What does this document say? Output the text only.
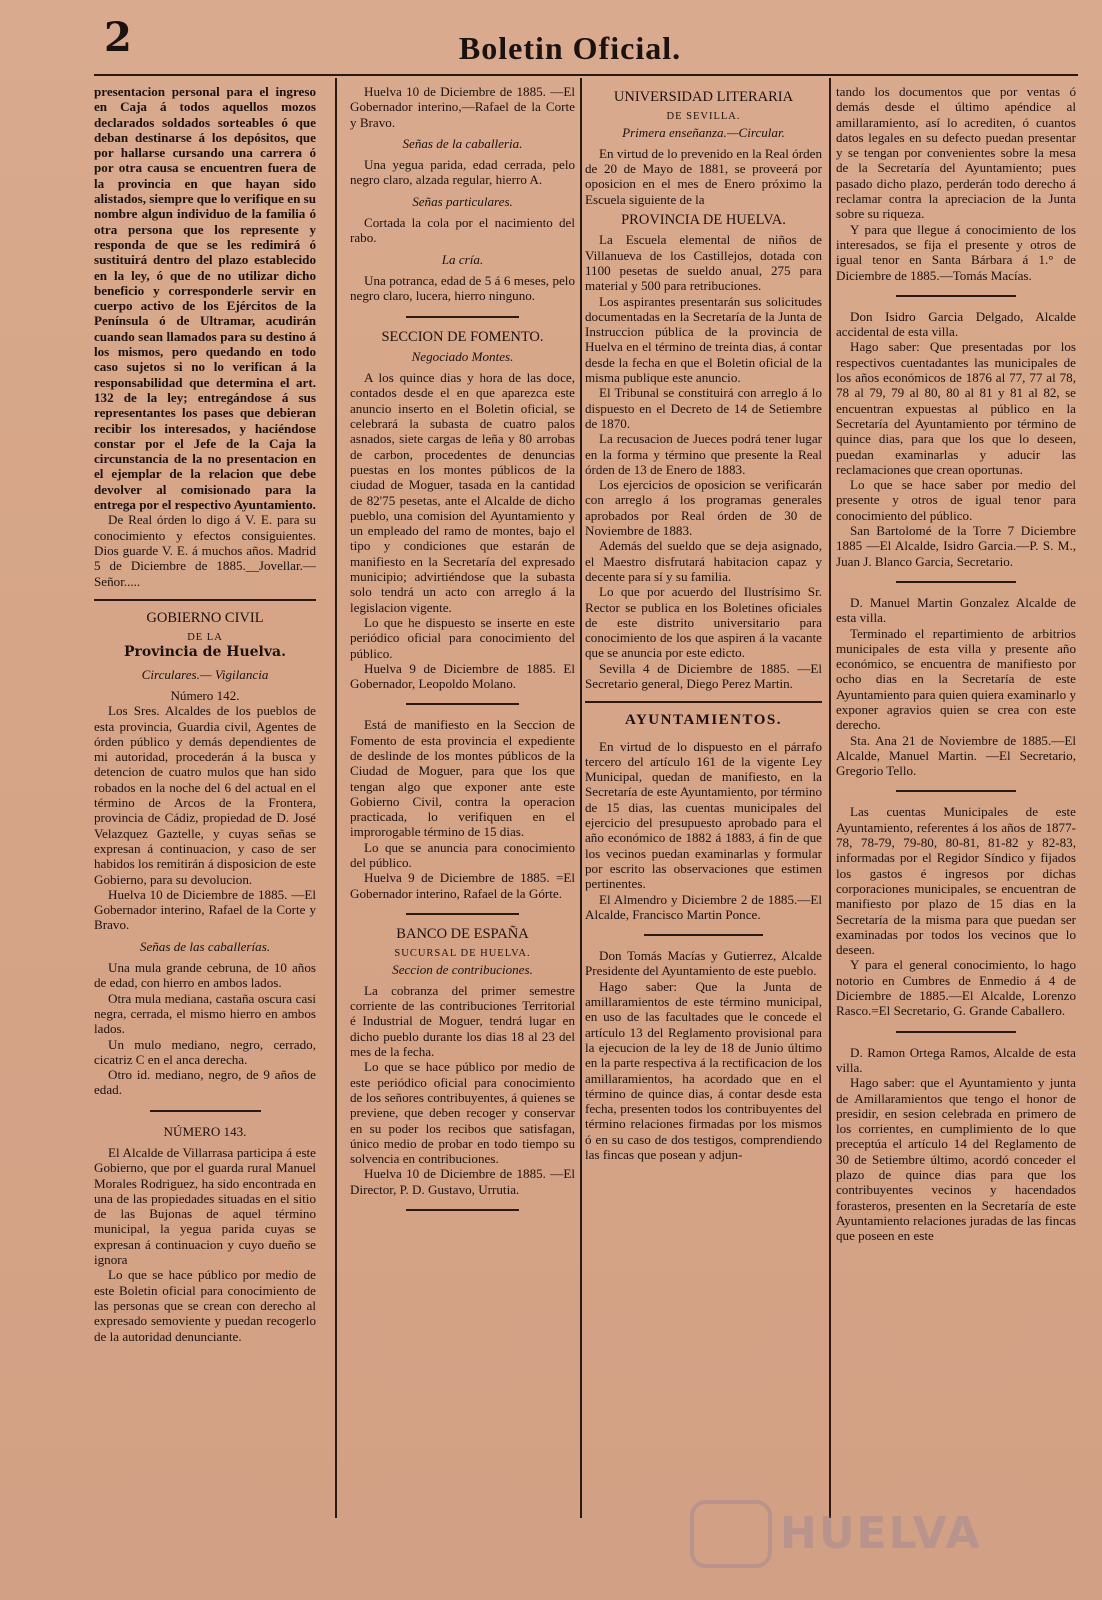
2	Boletin Oficial.

presentacion personal para el ingreso en Caja á todos aquellos mozos declarados soldados sorteables ó que deban destinarse á los depósitos, que por hallarse cursando una carrera ó por otra causa se encuentren fuera de la provincia en que hayan sido alistados, siempre que lo verifique en su nombre algun individuo de la familia ó otra persona que los represente y responda de que se les redimirá ó sustituirá dentro del plazo establecido en la ley, ó que de no utilizar dicho beneficio y corresponderle servir en cuerpo activo de los Ejércitos de la Península ó de Ultramar, acudirán cuando sean llamados para su destino á los mismos, pero quedando en todo caso sujetos si no lo verifican á la responsabilidad que determina el art. 132 de la ley; entregándose á sus representantes los pases que debieran recibir los interesados, y haciéndose constar por el Jefe de la Caja la circunstancia de la no presentacion en el ejemplar de la relacion que debe devolver al comisionado para la entrega por el respectivo Ayuntamiento.

De Real órden lo digo á V. E. para su conocimiento y efectos consiguientes. Dios guarde V. E. á muchos años. Madrid 5 de Diciembre de 1885.__Jovellar.—Señor.....

GOBIERNO CIVIL
DE LA
Provincia de Huelva.
Circulares.— Vigilancia
Número 142.

Los Sres. Alcaldes de los pueblos de esta provincia, Guardia civil, Agentes de órden público y demás dependientes de mi autoridad, procederán á la busca y detencion de cuatro mulos que han sido robados en la noche del 6 del actual en el término de Arcos de la Frontera, provincia de Cádiz, propiedad de D. José Velazquez Gaztelle, y cuyas señas se expresan á continuacion, y caso de ser habidos los remitirán á disposicion de este Gobierno, para su devolucion.

Huelva 10 de Diciembre de 1885. —El Gobernador interino, Rafael de la Corte y Bravo.

Señas de las caballerías.

Una mula grande cebruna, de 10 años de edad, con hierro en ambos lados.

Otra mula mediana, castaña oscura casi negra, cerrada, el mismo hierro en ambos lados.

Un mulo mediano, negro, cerrado, cicatriz C en el anca derecha.

Otro id. mediano, negro, de 9 años de edad.

NÚMERO 143.

El Alcalde de Villarrasa participa á este Gobierno, que por el guarda rural Manuel Morales Rodriguez, ha sido encontrada en una de las propiedades situadas en el sitio de las Bujonas de aquel término municipal, la yegua parida cuyas se expresan á continuacion y cuyo dueño se ignora

Lo que se hace público por medio de este Boletin oficial para conocimiento de las personas que se crean con derecho al expresado semoviente y puedan recogerlo de la autoridad denunciante.

Huelva 10 de Diciembre de 1885. —El Gobernador interino,—Rafael de la Corte y Bravo.

Señas de la caballeria.

Una yegua parida, edad cerrada, pelo negro claro, alzada regular, hierro A.

Señas particulares.

Cortada la cola por el nacimiento del rabo.

La cría.

Una potranca, edad de 5 á 6 meses, pelo negro claro, lucera, hierro ninguno.

SECCION DE FOMENTO.
Negociado Montes.

A los quince dias y hora de las doce, contados desde el en que aparezca este anuncio inserto en el Boletin oficial, se celebrará la subasta de cuatro palos asnados, siete cargas de leña y 80 arrobas de carbon, procedentes de denuncias puestas en los montes públicos de la ciudad de Moguer, tasada en la cantidad de 82'75 pesetas, ante el Alcalde de dicho pueblo, una comision del Ayuntamiento y un empleado del ramo de montes, bajo el tipo y condiciones que estarán de manifiesto en la Secretaría del expresado municipio; advirtiéndose que la subasta solo tendrá un acto con arreglo á la legislacion vigente.

Lo que he dispuesto se inserte en este periódico oficial para conocimiento del público.

Huelva 9 de Diciembre de 1885. El Gobernador, Leopoldo Molano.

Está de manifiesto en la Seccion de Fomento de esta provincia el expediente de deslinde de los montes públicos de la Ciudad de Moguer, para que los que tengan algo que exponer ante este Gobierno Civil, contra la operacion practicada, lo verifiquen en el improrogable término de 15 dias.

Lo que se anuncia para conocimiento del público.

Huelva 9 de Diciembre de 1885. =El Gobernador interino, Rafael de la Górte.

BANCO DE ESPAÑA
SUCURSAL DE HUELVA.
Seccion de contribuciones.

La cobranza del primer semestre corriente de las contribuciones Territorial é Industrial de Moguer, tendrá lugar en dicho pueblo durante los dias 18 al 23 del mes de la fecha.

Lo que se hace público por medio de este periódico oficial para conocimiento de los señores contribuyentes, á quienes se previene, que deben recoger y conservar en su poder los recibos que satisfagan, único medio de probar en todo tiempo su solvencia en contribuciones.

Huelva 10 de Diciembre de 1885. —El Director, P. D. Gustavo, Urrutia.

UNIVERSIDAD LITERARIA
DE SEVILLA.
Primera enseñanza.—Circular.

En virtud de lo prevenido en la Real órden de 20 de Mayo de 1881, se proveerá por oposicion en el mes de Enero próximo la Escuela siguiente de la

PROVINCIA DE HUELVA.

La Escuela elemental de niños de Villanueva de los Castillejos, dotada con 1100 pesetas de sueldo anual, 275 para material y 500 para retribuciones.

Los aspirantes presentarán sus solicitudes documentadas en la Secretaría de la Junta de Instruccion pública de la provincia de Huelva en el término de treinta dias, á contar desde la fecha en que el Boletin oficial de la misma publique este anuncio.

El Tribunal se constituirá con arreglo á lo dispuesto en el Decreto de 14 de Setiembre de 1870.

La recusacion de Jueces podrá tener lugar en la forma y término que presente la Real órden de 13 de Enero de 1883.

Los ejercicios de oposicion se verificarán con arreglo á los programas generales aprobados por Real órden de 30 de Noviembre de 1883.

Además del sueldo que se deja asignado, el Maestro disfrutará habitacion capaz y decente para sí y su familia.

Lo que por acuerdo del Ilustrísimo Sr. Rector se publica en los Boletines oficiales de este distrito universitario para conocimiento de los que aspiren á la vacante que se anuncia por este edicto.

Sevilla 4 de Diciembre de 1885. —El Secretario general, Diego Perez Martin.

AYUNTAMIENTOS.

En virtud de lo dispuesto en el párrafo tercero del artículo 161 de la vigente Ley Municipal, quedan de manifiesto, en la Secretaría de este Ayuntamiento, por término de 15 dias, las cuentas municipales del ejercicio del presupuesto aprobado para el año económico de 1882 á 1883, á fin de que los vecinos puedan examinarlas y formular por escrito las observaciones que estimen pertinentes.

El Almendro y Diciembre 2 de 1885.—El Alcalde, Francisco Martin Ponce.

Don Tomás Macías y Gutierrez, Alcalde Presidente del Ayuntamiento de este pueblo.

Hago saber: Que la Junta de amillaramientos de este término municipal, en uso de las facultades que le concede el artículo 13 del Reglamento provisional para la ejecucion de la ley de 18 de Junio último en la parte respectiva á la rectificacion de los amillaramientos, ha acordado que en el término de quince dias, á contar desde esta fecha, presenten todos los contribuyentes del término relaciones firmadas por los mismos ó en su caso de dos testigos, comprendiendo las fincas que posean y adjun-

tando los documentos que por ventas ó demás desde el último apéndice al amillaramiento, así lo acrediten, ó cuantos datos legales en su defecto puedan presentar y se tengan por convenientes sobre la mesa de la Secretaría del Ayuntamiento; pues pasado dicho plazo, perderán todo derecho á reclamar contra la apreciacion de la Junta sobre su riqueza.

Y para que llegue á conocimiento de los interesados, se fija el presente y otros de igual tenor en Santa Bárbara á 1.° de Diciembre de 1885.—Tomás Macías.

Don Isidro Garcia Delgado, Alcalde accidental de esta villa.

Hago saber: Que presentadas por los respectivos cuentadantes las municipales de los años económicos de 1876 al 77, 77 al 78, 78 al 79, 79 al 80, 80 al 81 y 81 al 82, se encuentran expuestas al público en la Secretaría del Ayuntamiento por término de quince dias, para que los que lo deseen, puedan examinarlas y aducir las reclamaciones que crean oportunas.

Lo que se hace saber por medio del presente y otros de igual tenor para conocimiento del público.

San Bartolomé de la Torre 7 Diciembre 1885 —El Alcalde, Isidro Garcia.—P. S. M., Juan J. Blanco Garcia, Secretario.

D. Manuel Martin Gonzalez Alcalde de esta villa.

Terminado el repartimiento de arbitrios municipales de esta villa y presente año económico, se encuentra de manifiesto por ocho dias en la Secretaría de este Ayuntamiento para quien quiera examinarlo y exponer agravios quien se crea con este derecho.

Sta. Ana 21 de Noviembre de 1885.—El Alcalde, Manuel Martin. —El Secretario, Gregorio Tello.

Las cuentas Municipales de este Ayuntamiento, referentes á los años de 1877-78, 78-79, 79-80, 80-81, 81-82 y 82-83, informadas por el Regidor Síndico y fijados los gastos é ingresos por dichas corporaciones municipales, se encuentran de manifiesto por plazo de 15 dias en la Secretaría de la misma para que puedan ser examinadas por todos los vecinos que lo deseen.

Y para el general conocimiento, lo hago notorio en Cumbres de Enmedio á 4 de Diciembre de 1885.—El Alcalde, Lorenzo Rasco.=El Secretario, G. Grande Caballero.

D. Ramon Ortega Ramos, Alcalde de esta villa.

Hago saber: que el Ayuntamiento y junta de Amillaramientos que tengo el honor de presidir, en sesion celebrada en primero de los corrientes, en cumplimiento de lo que preceptúa el artículo 14 del Reglamento de 30 de Setiembre último, acordó conceder el plazo de quince dias para que los contribuyentes vecinos y hacendados forasteros, presenten en la Secretaría de este Ayuntamiento relaciones juradas de las fincas que poseen en este

HUELVA
